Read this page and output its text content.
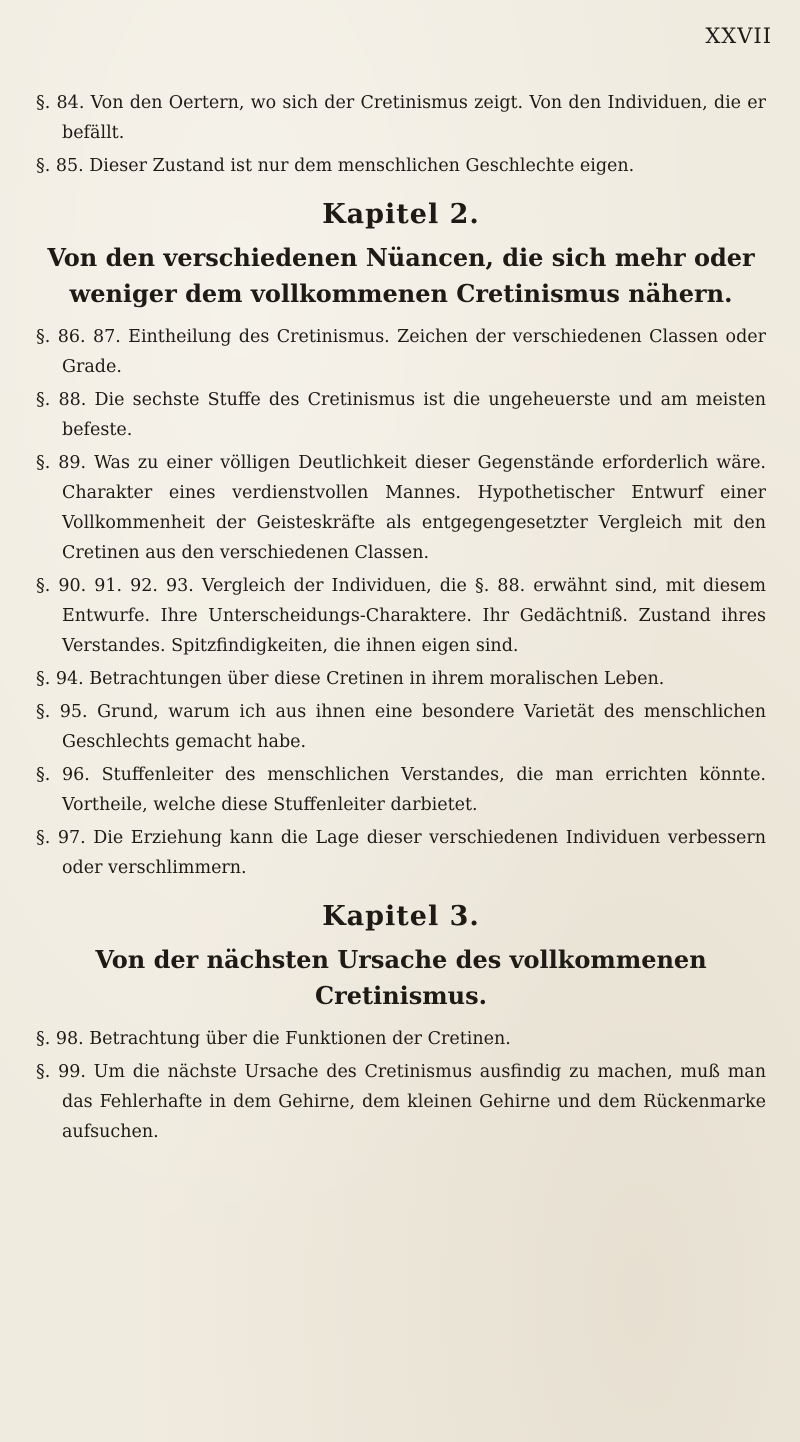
XXVII

§. 84. Von den Oertern, wo sich der Cretinismus zeigt. Von den Individuen, die er befällt.

§. 85. Dieser Zustand ist nur dem menschlichen Geschlechte eigen.

Kapitel 2.
Von den verschiedenen Nüancen, die sich mehr oder weniger dem vollkommenen Cretinismus nähern.

§. 86. 87. Eintheilung des Cretinismus. Zeichen der verschiedenen Classen oder Grade.

§. 88. Die sechste Stuffe des Cretinismus ist die ungeheuerste und am meisten befeste.

§. 89. Was zu einer völligen Deutlichkeit dieser Gegenstände erforderlich wäre. Charakter eines verdienstvollen Mannes. Hypothetischer Entwurf einer Vollkommenheit der Geisteskräfte als entgegengesetzter Vergleich mit den Cretinen aus den verschiedenen Classen.

§. 90. 91. 92. 93. Vergleich der Individuen, die §. 88. erwähnt sind, mit diesem Entwurfe. Ihre Unterscheidungs-Charaktere. Ihr Gedächtniß. Zustand ihres Verstandes. Spitzfindigkeiten, die ihnen eigen sind.

§. 94. Betrachtungen über diese Cretinen in ihrem moralischen Leben.

§. 95. Grund, warum ich aus ihnen eine besondere Varietät des menschlichen Geschlechts gemacht habe.

§. 96. Stuffenleiter des menschlichen Verstandes, die man errichten könnte. Vortheile, welche diese Stuffenleiter darbietet.

§. 97. Die Erziehung kann die Lage dieser verschiedenen Individuen verbessern oder verschlimmern.

Kapitel 3.
Von der nächsten Ursache des vollkommenen Cretinismus.

§. 98. Betrachtung über die Funktionen der Cretinen.

§. 99. Um die nächste Ursache des Cretinismus ausfindig zu machen, muß man das Fehlerhafte in dem Gehirne, dem kleinen Gehirne und dem Rückenmarke aufsuchen.
